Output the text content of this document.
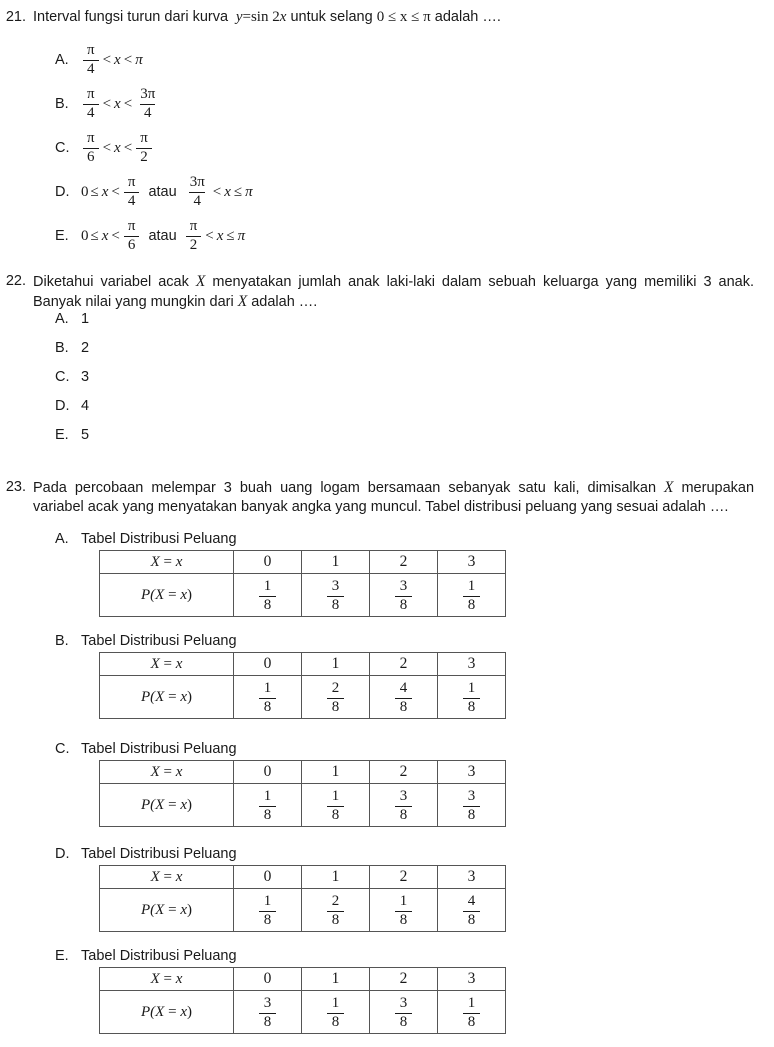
21. Interval fungsi turun dari kurva y=sin 2x untuk selang 0 ≤ x ≤ π adalah ….
A. $\frac{\pi}{4} < x < \pi$
B. $\frac{\pi}{4} < x < \frac{3\pi}{4}$
C. $\frac{\pi}{6} < x < \frac{\pi}{2}$
D. $0 \le x < \frac{\pi}{4}$ atau $\frac{3\pi}{4} < x \le \pi$
E. $0 \le x < \frac{\pi}{6}$ atau $\frac{\pi}{2} < x \le \pi$
22. Diketahui variabel acak X menyatakan jumlah anak laki-laki dalam sebuah keluarga yang memiliki 3 anak. Banyak nilai yang mungkin dari X adalah ….
A. 1
B. 2
C. 3
D. 4
E. 5
23. Pada percobaan melempar 3 buah uang logam bersamaan sebanyak satu kali, dimisalkan X merupakan variabel acak yang menyatakan banyak angka yang muncul. Tabel distribusi peluang yang sesuai adalah ….
A. Tabel Distribusi Peluang
X = x	0	1	2	3
P(X = x)	$\frac{1}{8}$	$\frac{3}{8}$	$\frac{3}{8}$	$\frac{1}{8}$
B. Tabel Distribusi Peluang
X = x	0	1	2	3
P(X = x)	$\frac{1}{8}$	$\frac{2}{8}$	$\frac{4}{8}$	$\frac{1}{8}$
C. Tabel Distribusi Peluang
X = x	0	1	2	3
P(X = x)	$\frac{1}{8}$	$\frac{1}{8}$	$\frac{3}{8}$	$\frac{3}{8}$
D. Tabel Distribusi Peluang
X = x	0	1	2	3
P(X = x)	$\frac{1}{8}$	$\frac{2}{8}$	$\frac{1}{8}$	$\frac{4}{8}$
E. Tabel Distribusi Peluang
X = x	0	1	2	3
P(X = x)	$\frac{3}{8}$	$\frac{1}{8}$	$\frac{3}{8}$	$\frac{1}{8}$
